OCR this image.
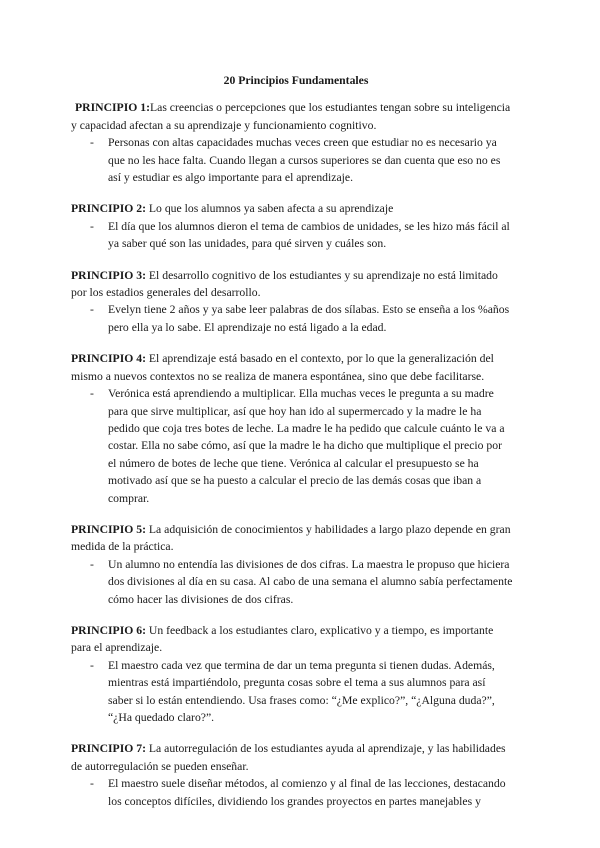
20 Principios Fundamentales

PRINCIPIO 1:Las creencias o percepciones que los estudiantes tengan sobre su inteligencia y capacidad afectan a su aprendizaje y funcionamiento cognitivo.

-	Personas con altas capacidades muchas veces creen que estudiar no es necesario ya que no les hace falta. Cuando llegan a cursos superiores se dan cuenta que eso no es así y estudiar es algo importante para el aprendizaje.

PRINCIPIO 2: Lo que los alumnos ya saben afecta a su aprendizaje

-	El día que los alumnos dieron el tema de cambios de unidades, se les hizo más fácil al ya saber qué son las unidades, para qué sirven y cuáles son.

PRINCIPIO 3: El desarrollo cognitivo de los estudiantes y su aprendizaje no está limitado por los estadios generales del desarrollo.

-	Evelyn tiene 2 años y ya sabe leer palabras de dos sílabas. Esto se enseña a los %años pero ella ya lo sabe. El aprendizaje no está ligado a la edad.

PRINCIPIO 4: El aprendizaje está basado en el contexto, por lo que la generalización del mismo a nuevos contextos no se realiza de manera espontánea, sino que debe facilitarse.

-	Verónica está aprendiendo a multiplicar. Ella muchas veces le pregunta a su madre para que sirve multiplicar, así que hoy han ido al supermercado y la madre le ha pedido que coja tres botes de leche. La madre le ha pedido que calcule cuánto le va a costar. Ella no sabe cómo, así que la madre le ha dicho que multiplique el precio por el número de botes de leche que tiene. Verónica al calcular el presupuesto se ha motivado así que se ha puesto a calcular el precio de las demás cosas que iban a comprar.

PRINCIPIO 5: La adquisición de conocimientos y habilidades a largo plazo depende en gran medida de la práctica.

-	Un alumno no entendía las divisiones de dos cifras. La maestra le propuso que hiciera dos divisiones al día en su casa. Al cabo de una semana el alumno sabía perfectamente cómo hacer las divisiones de dos cifras.

PRINCIPIO 6: Un feedback a los estudiantes claro, explicativo y a tiempo, es importante para el aprendizaje.

-	El maestro cada vez que termina de dar un tema pregunta si tienen dudas. Además, mientras está impartiéndolo, pregunta cosas sobre el tema a sus alumnos para así saber si lo están entendiendo. Usa frases como: “¿Me explico?”, “¿Alguna duda?”, “¿Ha quedado claro?”.

PRINCIPIO 7: La autorregulación de los estudiantes ayuda al aprendizaje, y las habilidades de autorregulación se pueden enseñar.

-	El maestro suele diseñar métodos, al comienzo y al final de las lecciones, destacando los conceptos difíciles, dividiendo los grandes proyectos en partes manejables y
